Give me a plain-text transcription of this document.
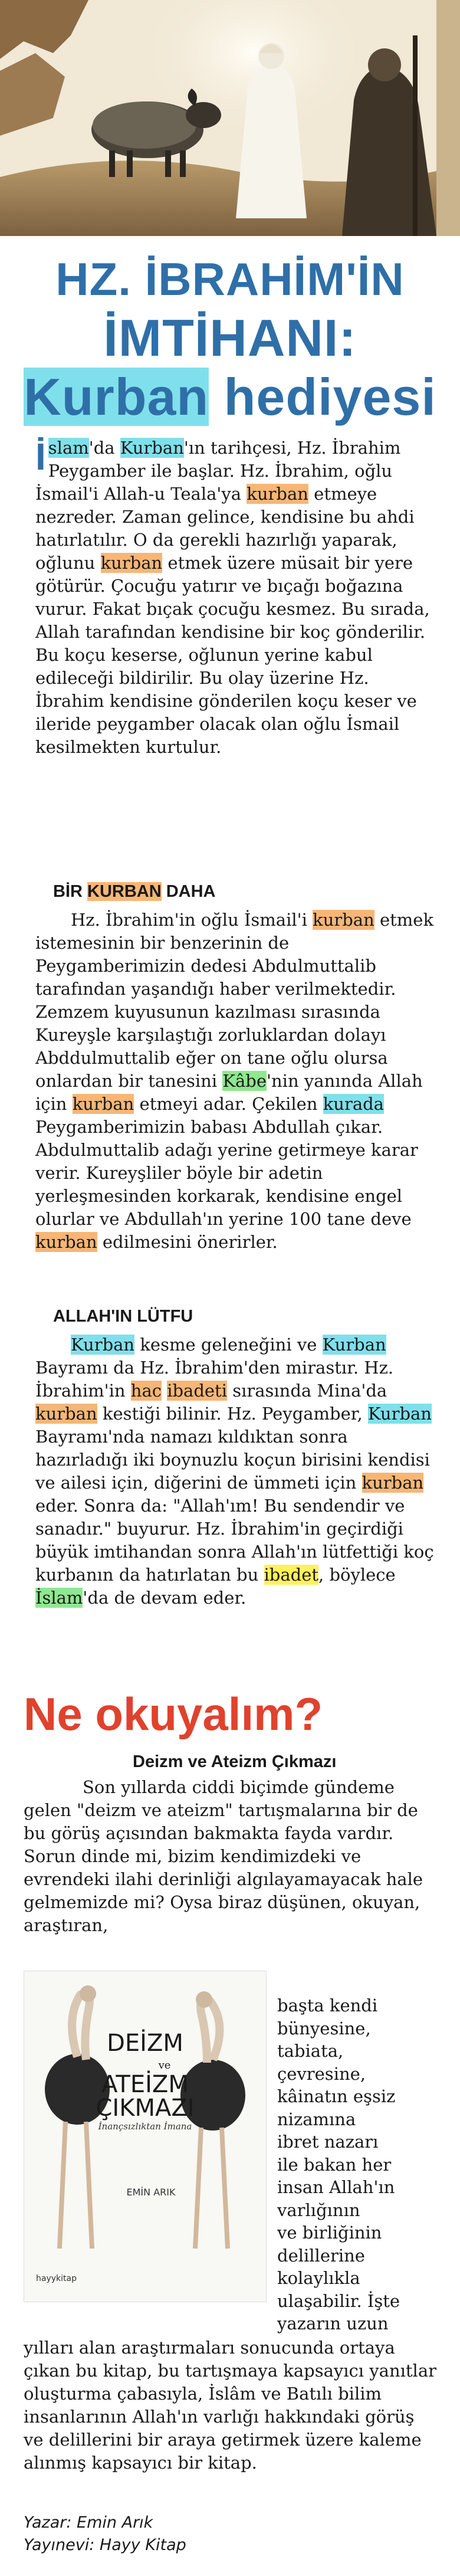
HZ. İBRAHİM'İN
İMTİHANI:
Kurban hediyesi
İ slam'da Kurban'ın tarihçesi, Hz. İbrahim Peygamber ile başlar. Hz. İbrahim, oğlu İsmail'i Allah-u Teala'ya kurban etmeye nezreder. Zaman gelince, kendisine bu ahdi hatırlatılır. O da gerekli hazırlığı yaparak, oğlunu kurban etmek üzere müsait bir yere götürür. Çocuğu yatırır ve bıçağı boğazına vurur. Fakat bıçak çocuğu kesmez. Bu sırada, Allah tarafından kendisine bir koç gönderilir. Bu koçu keserse, oğlunun yerine kabul edileceği bildirilir. Bu olay üzerine Hz. İbrahim kendisine gönderilen koçu keser ve ileride peygamber olacak olan oğlu İsmail kesilmekten kurtulur.
BİR KURBAN DAHA
Hz. İbrahim'in oğlu İsmail'i kurban etmek istemesinin bir benzerinin de Peygamberimizin dedesi Abdulmuttalib tarafından yaşandığı haber verilmektedir. Zemzem kuyusunun kazılması sırasında Kureyşle karşılaştığı zorluklardan dolayı Abddulmuttalib eğer on tane oğlu olursa onlardan bir tanesini Kâbe'nin yanında Allah için kurban etmeyi adar. Çekilen kurada Peygamberimizin babası Abdullah çıkar. Abdulmuttalib adağı yerine getirmeye karar verir. Kureyşliler böyle bir adetin yerleşmesinden korkarak, kendisine engel olurlar ve Abdullah'ın yerine 100 tane deve kurban edilmesini önerirler.
ALLAH'IN LÜTFU
Kurban kesme geleneğini ve Kurban Bayramı da Hz. İbrahim'den mirastır. Hz. İbrahim'in hac ibadeti sırasında Mina'da kurban kestiği bilinir. Hz. Peygamber, Kurban Bayramı'nda namazı kıldıktan sonra hazırladığı iki boynuzlu koçun birisini kendisi ve ailesi için, diğerini de ümmeti için kurban eder. Sonra da: "Allah'ım! Bu sendendir ve sanadır." buyurur. Hz. İbrahim'in geçirdiği büyük imtihandan sonra Allah'ın lütfettiği koç kurbanın da hatırlatan bu ibadet, böylece İslam'da de devam eder.
Ne okuyalım?
Deizm ve Ateizm Çıkmazı
Son yıllarda ciddi biçimde gündeme gelen "deizm ve ateizm" tartışmalarına bir de bu görüş açısından bakmakta fayda vardır. Sorun dinde mi, bizim kendimizdeki ve evrendeki ilahi derinliği algılayamayacak hale gelmemizde mi? Oysa biraz düşünen, okuyan, araştıran,
DEİZM
ve
ATEİZM
ÇIKMAZI
İnançsızlıktan İmana
EMİN ARIK
hayykitap
başta kendi
bünyesine,
tabiata,
çevresine,
kâinatın eşsiz
nizamına
ibret nazarı
ile bakan her
insan Allah'ın
varlığının
ve birliğinin
delillerine
kolaylıkla
ulaşabilir. İşte
yazarın uzun
yılları alan araştırmaları sonucunda ortaya çıkan bu kitap, bu tartışmaya kapsayıcı yanıtlar oluşturma çabasıyla, İslâm ve Batılı bilim insanlarının Allah'ın varlığı hakkındaki görüş ve delillerini bir araya getirmek üzere kaleme alınmış kapsayıcı bir kitap.
Yazar: Emin Arık
Yayınevi: Hayy Kitap
